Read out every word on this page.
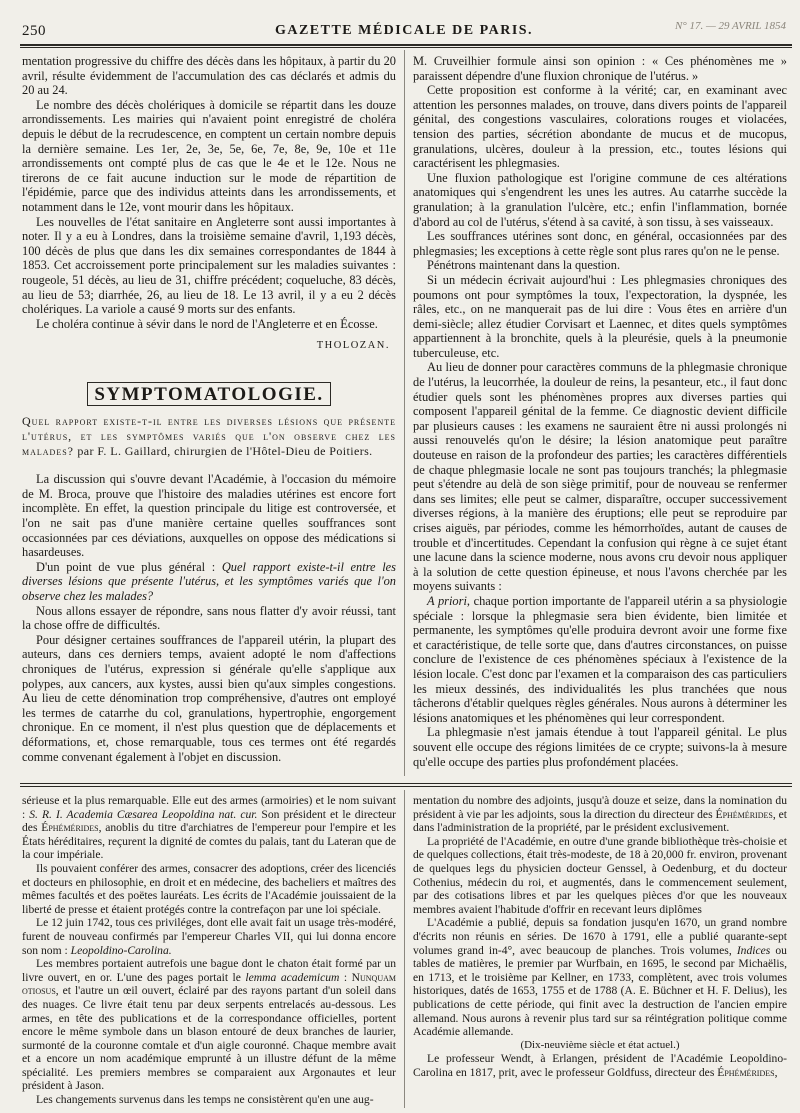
250	GAZETTE MÉDICALE DE PARIS.	N° 17. — 29 AVRIL 1854

mentation progressive du chiffre des décès dans les hôpitaux, à partir du 20 avril, résulte évidemment de l'accumulation des cas déclarés et admis du 20 au 24.

Le nombre des décès cholériques à domicile se répartit dans les douze arrondissements. Les mairies qui n'avaient point enregistré de choléra depuis le début de la recrudescence, en comptent un certain nombre depuis la dernière semaine. Les 1er, 2e, 3e, 5e, 6e, 7e, 8e, 9e, 10e et 11e arrondissements ont compté plus de cas que le 4e et le 12e. Nous ne tirerons de ce fait aucune induction sur le mode de répartition de l'épidémie, parce que des individus atteints dans les arrondissements, et notamment dans le 12e, vont mourir dans les hôpitaux.

Les nouvelles de l'état sanitaire en Angleterre sont aussi importantes à noter. Il y a eu à Londres, dans la troisième semaine d'avril, 1,193 décès, 100 décès de plus que dans les dix semaines correspondantes de 1844 à 1853. Cet accroissement porte principalement sur les maladies suivantes : rougeole, 51 décès, au lieu de 31, chiffre précédent; coqueluche, 83 décès, au lieu de 53; diarrhée, 26, au lieu de 18. Le 13 avril, il y a eu 2 décès cholériques. La variole a causé 9 morts sur des enfants.

Le choléra continue à sévir dans le nord de l'Angleterre et en Écosse.

THOLOZAN.
SYMPTOMATOLOGIE.

Quel rapport existe-t-il entre les diverses lésions que présente l'utérus, et les symptômes variés que l'on observe chez les malades? par F. L. Gaillard, chirurgien de l'Hôtel-Dieu de Poitiers.

La discussion qui s'ouvre devant l'Académie, à l'occasion du mémoire de M. Broca, prouve que l'histoire des maladies utérines est encore fort incomplète. En effet, la question principale du litige est controversée, et l'on ne sait pas d'une manière certaine quelles souffrances sont occasionnées par ces déviations, auxquelles on oppose des médications si hasardeuses.

D'un point de vue plus général : Quel rapport existe-t-il entre les diverses lésions que présente l'utérus, et les symptômes variés que l'on observe chez les malades?

Nous allons essayer de répondre, sans nous flatter d'y avoir réussi, tant la chose offre de difficultés.

Pour désigner certaines souffrances de l'appareil utérin, la plupart des auteurs, dans ces derniers temps, avaient adopté le nom d'affections chroniques de l'utérus, expression si générale qu'elle s'applique aux polypes, aux cancers, aux kystes, aussi bien qu'aux simples congestions. Au lieu de cette dénomination trop compréhensive, d'autres ont employé les termes de catarrhe du col, granulations, hypertrophie, engorgement chronique. En ce moment, il n'est plus question que de déplacements et déformations, et, chose remarquable, tous ces termes ont été regardés comme convenant également à l'objet en discussion.

M. Cruveilhier formule ainsi son opinion : « Ces phénomènes me » paraissent dépendre d'une fluxion chronique de l'utérus. »

Cette proposition est conforme à la vérité; car, en examinant avec attention les personnes malades, on trouve, dans divers points de l'appareil génital, des congestions vasculaires, colorations rouges et violacées, tension des parties, sécrétion abondante de mucus et de mucopus, granulations, ulcères, douleur à la pression, etc., toutes lésions qui caractérisent les phlegmasies.

Une fluxion pathologique est l'origine commune de ces altérations anatomiques qui s'engendrent les unes les autres. Au catarrhe succède la granulation; à la granulation l'ulcère, etc.; enfin l'inflammation, bornée d'abord au col de l'utérus, s'étend à sa cavité, à son tissu, à ses vaisseaux.

Les souffrances utérines sont donc, en général, occasionnées par des phlegmasies; les exceptions à cette règle sont plus rares qu'on ne le pense.

Pénétrons maintenant dans la question.

Si un médecin écrivait aujourd'hui : Les phlegmasies chroniques des poumons ont pour symptômes la toux, l'expectoration, la dyspnée, les râles, etc., on ne manquerait pas de lui dire : Vous êtes en arrière d'un demi-siècle; allez étudier Corvisart et Laennec, et dites quels symptômes appartiennent à la bronchite, quels à la pleurésie, quels à la pneumonie tuberculeuse, etc.

Au lieu de donner pour caractères communs de la phlegmasie chronique de l'utérus, la leucorrhée, la douleur de reins, la pesanteur, etc., il faut donc étudier quels sont les phénomènes propres aux diverses parties qui composent l'appareil génital de la femme. Ce diagnostic devient difficile par plusieurs causes : les examens ne sauraient être ni aussi prolongés ni aussi renouvelés qu'on le désire; la lésion anatomique peut paraître douteuse en raison de la profondeur des parties; les caractères différentiels de chaque phlegmasie locale ne sont pas toujours tranchés; la phlegmasie peut s'étendre au delà de son siège primitif, pour de nouveau se renfermer dans ses limites; elle peut se calmer, disparaître, occuper successivement diverses régions, à la manière des éruptions; elle peut se reproduire par crises aiguës, par périodes, comme les hémorrhoïdes, autant de causes de trouble et d'incertitudes. Cependant la confusion qui règne à ce sujet étant une lacune dans la science moderne, nous avons cru devoir nous appliquer à la solution de cette question épineuse, et nous l'avons cherchée par les moyens suivants :

A priori, chaque portion importante de l'appareil utérin a sa physiologie spéciale : lorsque la phlegmasie sera bien évidente, bien limitée et permanente, les symptômes qu'elle produira devront avoir une forme fixe et caractéristique, de telle sorte que, dans d'autres circonstances, on puisse conclure de l'existence de ces phénomènes spéciaux à l'existence de la lésion locale. C'est donc par l'examen et la comparaison des cas particuliers les mieux dessinés, des individualités les plus tranchées que nous tâcherons d'établir quelques règles générales. Nous aurons à déterminer les lésions anatomiques et les phénomènes qui leur correspondent.

La phlegmasie n'est jamais étendue à tout l'appareil génital. Le plus souvent elle occupe des régions limitées de ce crypte; suivons-la à mesure qu'elle occupe des parties plus profondément placées.

sérieuse et la plus remarquable. Elle eut des armes (armoiries) et le nom suivant : S. R. I. Academia Cæsarea Leopoldina nat. cur. Son président et le directeur des Éphémérides, anoblis du titre d'archiatres de l'empereur pour l'empire et les États héréditaires, reçurent la dignité de comtes du palais, tant du Lateran que de la cour impériale.

Ils pouvaient conférer des armes, consacrer des adoptions, créer des licenciés et docteurs en philosophie, en droit et en médecine, des bacheliers et maîtres des mêmes facultés et des poëtes lauréats. Les écrits de l'Académie jouissaient de la liberté de presse et étaient protégés contre la contrefaçon par une loi spéciale.

Le 12 juin 1742, tous ces priviléges, dont elle avait fait un usage très-modéré, furent de nouveau confirmés par l'empereur Charles VII, qui lui donna encore son nom : Leopoldino-Carolina.

Les membres portaient autrefois une bague dont le chaton était formé par un livre ouvert, en or. L'une des pages portait le lemma academicum : Nunquam otiosus, et l'autre un œil ouvert, éclairé par des rayons partant d'un soleil dans des nuages. Ce livre était tenu par deux serpents entrelacés au-dessous. Les armes, en tête des publications et de la correspondance officielles, portent encore le même symbole dans un blason entouré de deux branches de laurier, surmonté de la couronne comtale et d'un aigle couronné. Chaque membre avait et a encore un nom académique emprunté à un illustre défunt de la même spécialité. Les premiers membres se comparaient aux Argonautes et leur président à Jason.

Les changements survenus dans les temps ne consistèrent qu'en une aug-

mentation du nombre des adjoints, jusqu'à douze et seize, dans la nomination du président à vie par les adjoints, sous la direction du directeur des Éphémérides, et dans l'administration de la propriété, par le président exclusivement.

La propriété de l'Académie, en outre d'une grande bibliothèque très-choisie et de quelques collections, était très-modeste, de 18 à 20,000 fr. environ, provenant de quelques legs du physicien docteur Genssel, à Oedenburg, et du docteur Cothenius, médecin du roi, et augmentés, dans le commencement seulement, par des cotisations libres et par les quelques pièces d'or que les nouveaux membres avaient l'habitude d'offrir en recevant leurs diplômes

L'Académie a publié, depuis sa fondation jusqu'en 1670, un grand nombre d'écrits non réunis en séries. De 1670 à 1791, elle a publié quarante-sept volumes grand in-4°, avec beaucoup de planches. Trois volumes, Indices ou tables de matières, le premier par Wurfbain, en 1695, le second par Michaëlis, en 1713, et le troisième par Kellner, en 1733, complètent, avec trois volumes historiques, datés de 1653, 1755 et de 1788 (A. E. Büchner et H. F. Delius), les publications de cette période, qui finit avec la destruction de l'ancien empire allemand. Nous aurons à revenir plus tard sur sa réintégration politique comme Académie allemande.

(Dix-neuvième siècle et état actuel.)

Le professeur Wendt, à Erlangen, président de l'Académie Leopoldino-Carolina en 1817, prit, avec le professeur Goldfuss, directeur des Éphémérides,
